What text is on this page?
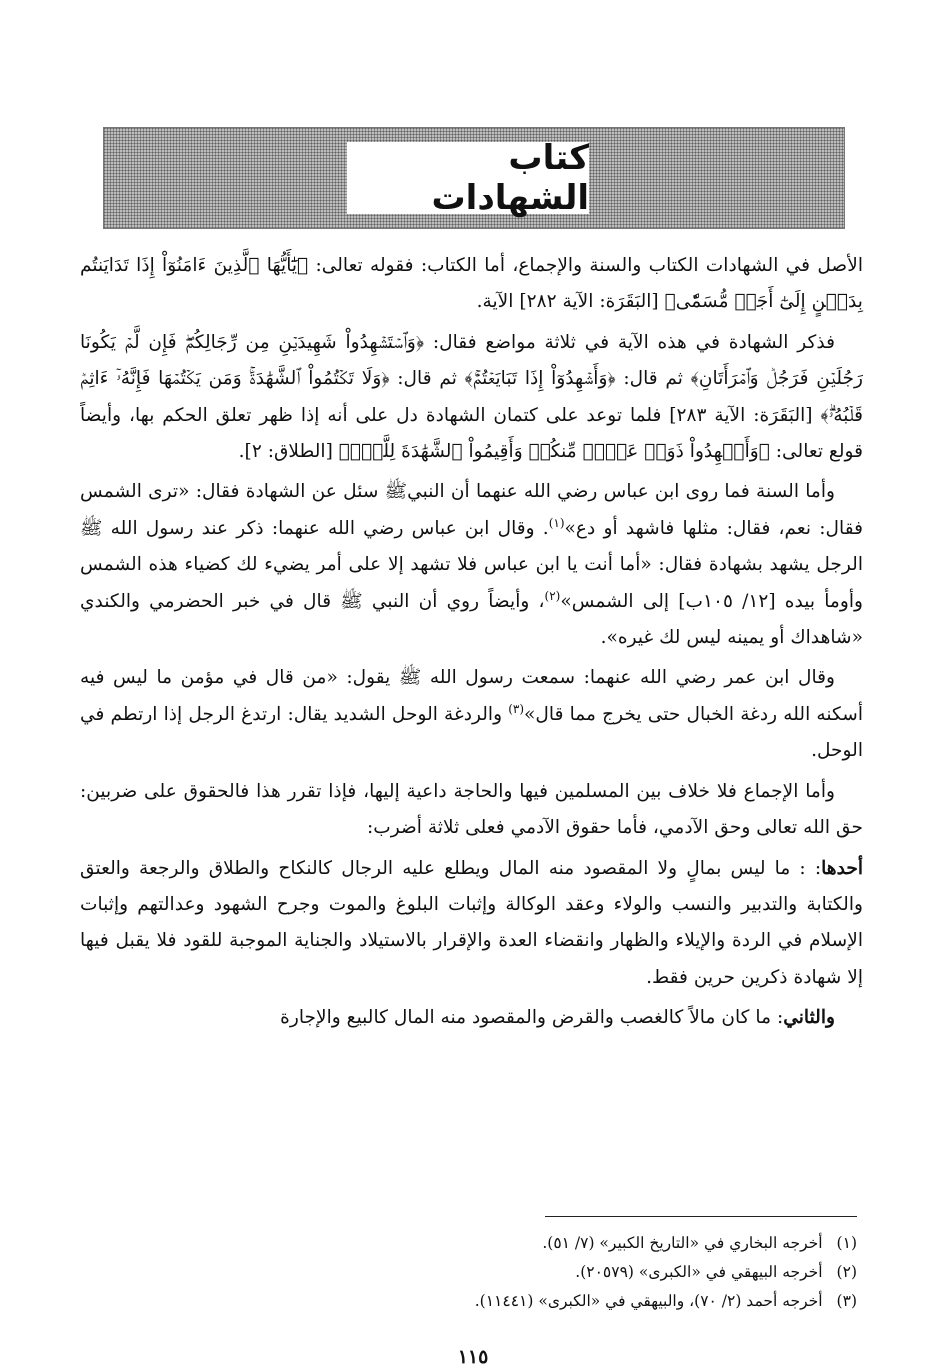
كتاب الشهادات

الأصل في الشهادات الكتاب والسنة والإجماع، أما الكتاب: فقوله تعالى: ﴿يَٰٓأَيُّهَا ٱلَّذِينَ ءَامَنُوٓاْ إِذَا تَدَايَنتُم بِدَيۡنٍ إِلَىٰٓ أَجَلٖ مُّسَمّٗى﴾ [البَقَرَة: الآية ٢٨٢] الآية.

فذكر الشهادة في هذه الآية في ثلاثة مواضع فقال: ﴿وَٱسۡتَشۡهِدُواْ شَهِيدَيۡنِ مِن رِّجَالِكُمۡۖ فَإِن لَّمۡ يَكُونَا رَجُلَيۡنِ فَرَجُلٞ وَٱمۡرَأَتَانِ﴾ ثم قال: ﴿وَأَشۡهِدُوٓاْ إِذَا تَبَايَعۡتُمۡۚ﴾ ثم قال: ﴿وَلَا تَكۡتُمُواْ ٱلشَّهَٰدَةَۚ وَمَن يَكۡتُمۡهَا فَإِنَّهُۥٓ ءَاثِمٞ قَلۡبُهُۥۗ﴾ [البَقَرَة: الآية ٢٨٣] فلما توعد على كتمان الشهادة دل على أنه إذا ظهر تعلق الحكم بها، وأيضاً قولع تعالى: ﴿وَأَشۡهِدُواْ ذَوَيۡ عَدۡلٖ مِّنكُمۡ وَأَقِيمُواْ ٱلشَّهَٰدَةَ لِلَّهِۚ﴾ [الطلاق: ٢].

وأما السنة فما روى ابن عباس رضي الله عنهما أن النبيﷺ سئل عن الشهادة فقال: «ترى الشمس فقال: نعم، فقال: مثلها فاشهد أو دع»$^{(١)}$. وقال ابن عباس رضي الله عنهما: ذكر عند رسول الله ﷺ الرجل يشهد بشهادة فقال: «أما أنت يا ابن عباس فلا تشهد إلا على أمر يضيء لك كضياء هذه الشمس وأومأ بيده [١٢/ ١٠٥ب] إلى الشمس»$^{(٢)}$، وأيضاً روي أن النبي ﷺ قال في خبر الحضرمي والكندي «شاهداك أو يمينه ليس لك غيره».

وقال ابن عمر رضي الله عنهما: سمعت رسول الله ﷺ يقول: «من قال في مؤمن ما ليس فيه أسكنه الله ردغة الخبال حتى يخرج مما قال»$^{(٣)}$ والردغة الوحل الشديد يقال: ارتدغ الرجل إذا ارتطم في الوحل.

وأما الإجماع فلا خلاف بين المسلمين فيها والحاجة داعية إليها، فإذا تقرر هذا فالحقوق على ضربين: حق الله تعالى وحق الآدمي، فأما حقوق الآدمي فعلى ثلاثة أضرب:

أحدها: : ما ليس بمالٍ ولا المقصود منه المال ويطلع عليه الرجال كالنكاح والطلاق والرجعة والعتق والكتابة والتدبير والنسب والولاء وعقد الوكالة وإثبات البلوغ والموت وجرح الشهود وعدالتهم وإثبات الإسلام في الردة والإيلاء والظهار وانقضاء العدة والإقرار بالاستيلاد والجناية الموجبة للقود فلا يقبل فيها إلا شهادة ذكرين حرين فقط.

والثاني: ما كان مالاً كالغصب والقرض والمقصود منه المال كالبيع والإجارة

(١)
أخرجه البخاري في «التاريخ الكبير» (٧/ ٥١).
(٢)
أخرجه البيهقي في «الكبرى» (٢٠٥٧٩).
(٣)
أخرجه أحمد (٢/ ٧٠)، والبيهقي في «الكبرى» (١١٤٤١).
١١٥
